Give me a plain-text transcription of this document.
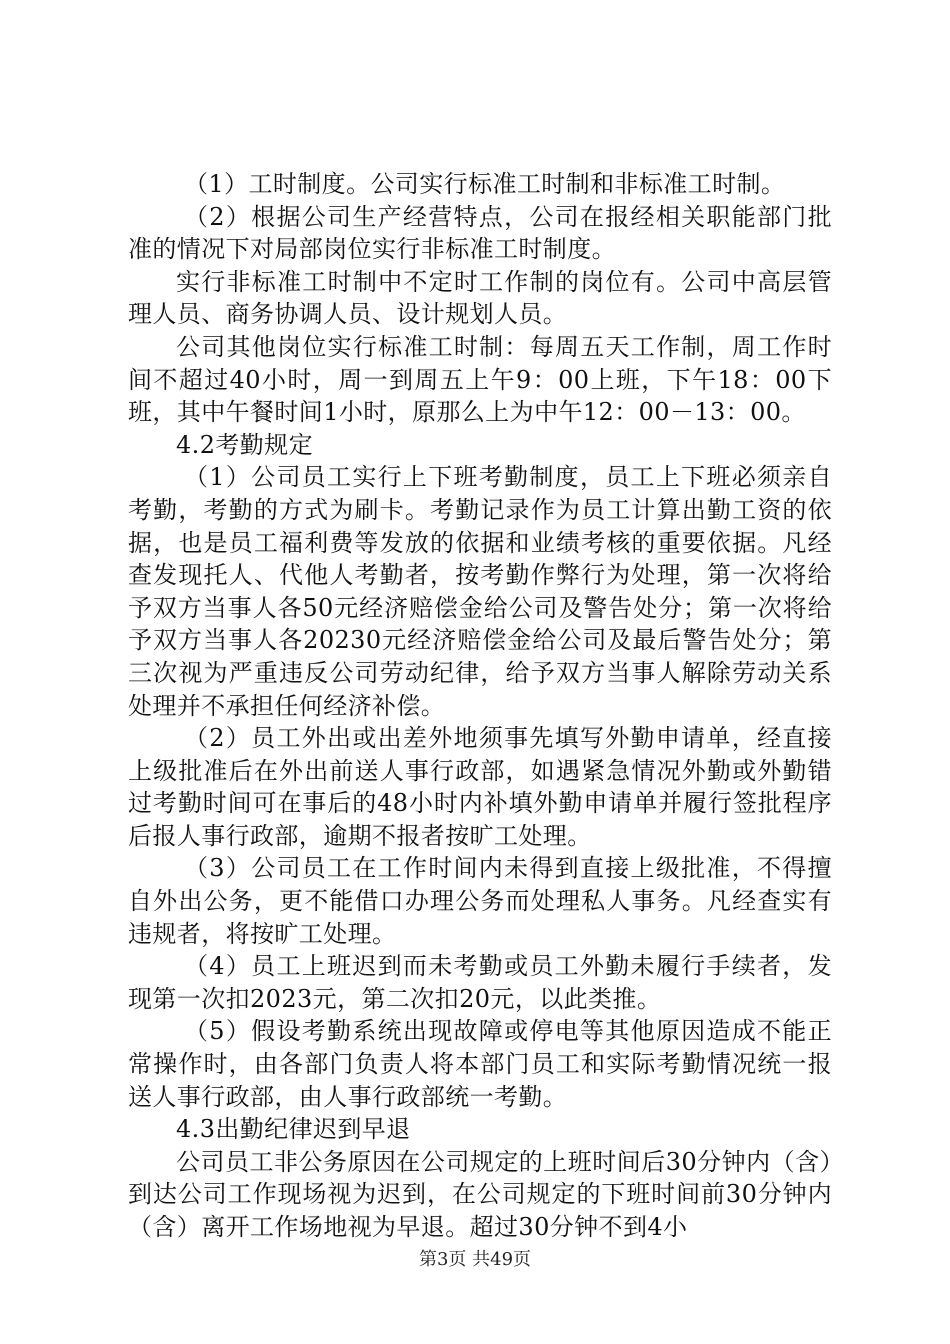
（1）工时制度。公司实行标准工时制和非标准工时制。

（2）根据公司生产经营特点，公司在报经相关职能部门批准的情况下对局部岗位实行非标准工时制度。

实行非标准工时制中不定时工作制的岗位有。公司中高层管理人员、商务协调人员、设计规划人员。

公司其他岗位实行标准工时制：每周五天工作制，周工作时间不超过40小时，周一到周五上午9：00上班，下午18：00下班，其中午餐时间1小时，原那么上为中午12：00－13：00。

4.2考勤规定

（1）公司员工实行上下班考勤制度，员工上下班必须亲自考勤，考勤的方式为刷卡。考勤记录作为员工计算出勤工资的依据，也是员工福利费等发放的依据和业绩考核的重要依据。凡经查发现托人、代他人考勤者，按考勤作弊行为处理，第一次将给予双方当事人各50元经济赔偿金给公司及警告处分；第一次将给予双方当事人各20230元经济赔偿金给公司及最后警告处分；第三次视为严重违反公司劳动纪律，给予双方当事人解除劳动关系处理并不承担任何经济补偿。

（2）员工外出或出差外地须事先填写外勤申请单，经直接上级批准后在外出前送人事行政部，如遇紧急情况外勤或外勤错过考勤时间可在事后的48小时内补填外勤申请单并履行签批程序后报人事行政部，逾期不报者按旷工处理。

（3）公司员工在工作时间内未得到直接上级批准，不得擅自外出公务，更不能借口办理公务而处理私人事务。凡经查实有违规者，将按旷工处理。

（4）员工上班迟到而未考勤或员工外勤未履行手续者，发现第一次扣2023元，第二次扣20元，以此类推。

（5）假设考勤系统出现故障或停电等其他原因造成不能正常操作时，由各部门负责人将本部门员工和实际考勤情况统一报送人事行政部，由人事行政部统一考勤。

4.3出勤纪律迟到早退

公司员工非公务原因在公司规定的上班时间后30分钟内（含）到达公司工作现场视为迟到，在公司规定的下班时间前30分钟内（含）离开工作场地视为早退。超过30分钟不到4小

第3页 共49页
